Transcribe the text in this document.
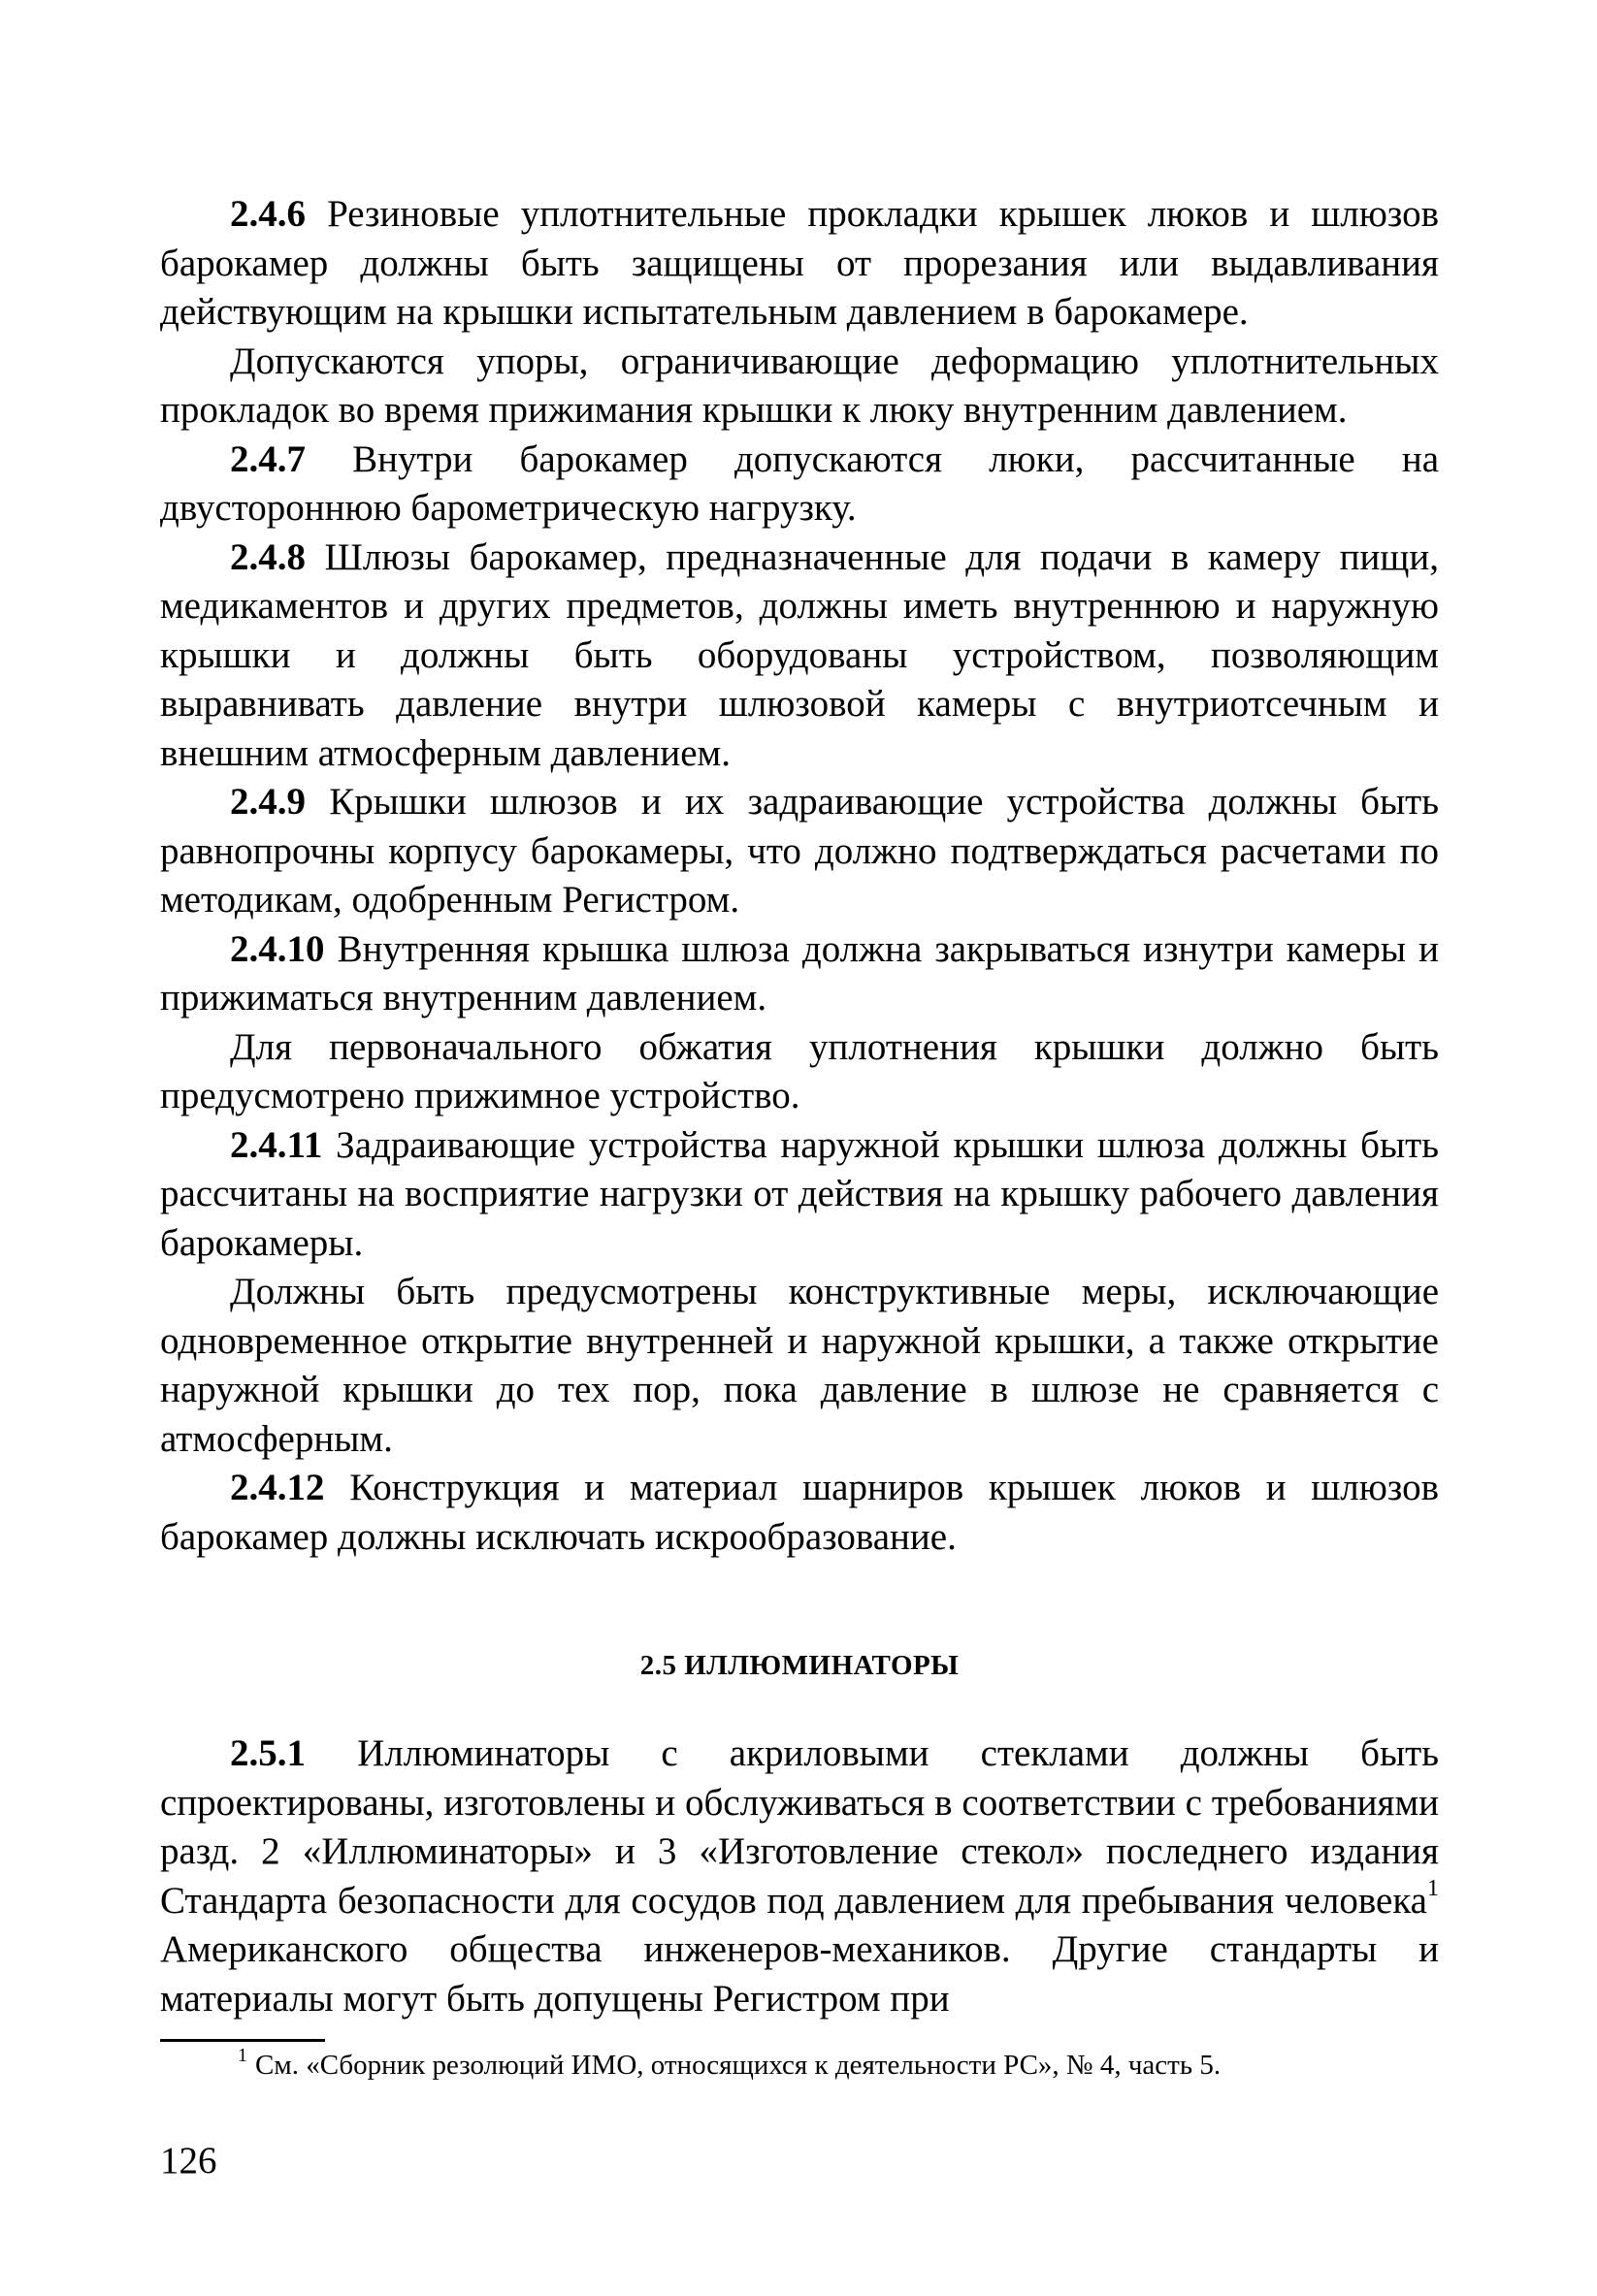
2.4.6 Резиновые уплотнительные прокладки крышек люков и шлюзов барокамер должны быть защищены от прорезания или выдавливания действующим на крышки испытательным давлением в барокамере.

Допускаются упоры, ограничивающие деформацию уплотнительных прокладок во время прижимания крышки к люку внутренним давлением.

2.4.7 Внутри барокамер допускаются люки, рассчитанные на двустороннюю барометрическую нагрузку.

2.4.8 Шлюзы барокамер, предназначенные для подачи в камеру пищи, медикаментов и других предметов, должны иметь внутреннюю и наружную крышки и должны быть оборудованы устройством, позволяющим выравнивать давление внутри шлюзовой камеры с внутриотсечным и внешним атмосферным давлением.

2.4.9 Крышки шлюзов и их задраивающие устройства должны быть равнопрочны корпусу барокамеры, что должно подтверждаться расчетами по методикам, одобренным Регистром.

2.4.10 Внутренняя крышка шлюза должна закрываться изнутри камеры и прижиматься внутренним давлением.

Для первоначального обжатия уплотнения крышки должно быть предусмотрено прижимное устройство.

2.4.11 Задраивающие устройства наружной крышки шлюза должны быть рассчитаны на восприятие нагрузки от действия на крышку рабочего давления барокамеры.

Должны быть предусмотрены конструктивные меры, исключающие одновременное открытие внутренней и наружной крышки, а также открытие наружной крышки до тех пор, пока давление в шлюзе не сравняется с атмосферным.

2.4.12 Конструкция и материал шарниров крышек люков и шлюзов барокамер должны исключать искрообразование.

2.5 ИЛЛЮМИНАТОРЫ

2.5.1 Иллюминаторы с акриловыми стеклами должны быть спроектированы, изготовлены и обслуживаться в соответствии с требованиями разд. 2 «Иллюминаторы» и 3 «Изготовление стекол» последнего издания Стандарта безопасности для сосудов под давлением для пребывания человека$^1$ Американского общества инженеров-механиков. Другие стандарты и материалы могут быть допущены Регистром при

$^1$ См. «Сборник резолюций ИМО, относящихся к деятельности РС», № 4, часть 5.
126
